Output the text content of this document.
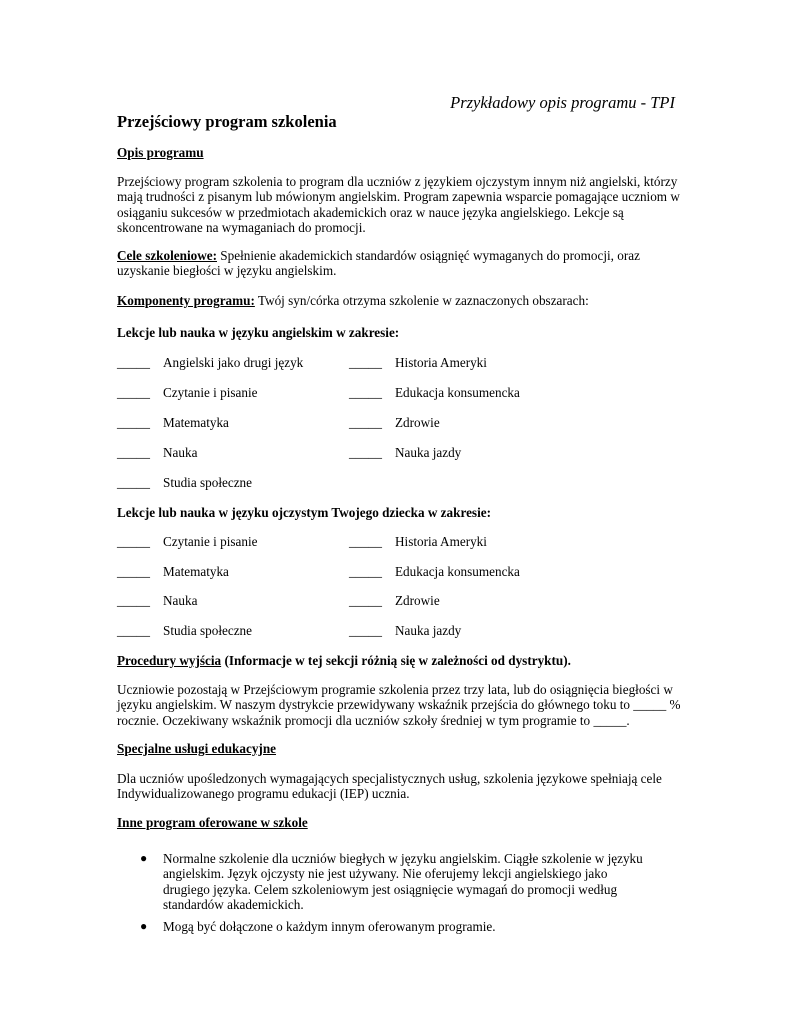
Przykładowy opis programu - TPI
Przejściowy program szkolenia
Opis programu

Przejściowy program szkolenia to program dla uczniów z językiem ojczystym innym niż angielski, którzy mają trudności z pisanym lub mówionym angielskim. Program zapewnia wsparcie pomagające uczniom w osiąganiu sukcesów w przedmiotach akademickich oraz w nauce języka angielskiego. Lekcje są skoncentrowane na wymaganiach do promocji.

Cele szkoleniowe: Spełnienie akademickich standardów osiągnięć wymaganych do promocji, oraz uzyskanie biegłości w języku angielskim.

Komponenty programu: Twój syn/córka otrzyma szkolenie w zaznaczonych obszarach:

Lekcje lub nauka w języku angielskim w zakresie:
_____ Angielski jako drugi język	_____ Historia Ameryki
_____ Czytanie i pisanie	_____ Edukacja konsumencka
_____ Matematyka	_____ Zdrowie
_____ Nauka	_____ Nauka jazdy
_____ Studia społeczne
Lekcje lub nauka w języku ojczystym Twojego dziecka w zakresie:
_____ Czytanie i pisanie	_____ Historia Ameryki
_____ Matematyka	_____ Edukacja konsumencka
_____ Nauka	_____ Zdrowie
_____ Studia społeczne	_____ Nauka jazdy
Procedury wyjścia (Informacje w tej sekcji różnią się w zależności od dystryktu).

Uczniowie pozostają w Przejściowym programie szkolenia przez trzy lata, lub do osiągnięcia biegłości w języku angielskim. W naszym dystrykcie przewidywany wskaźnik przejścia do głównego toku to _____ % rocznie. Oczekiwany wskaźnik promocji dla uczniów szkoły średniej w tym programie to _____.

Specjalne usługi edukacyjne

Dla uczniów upośledzonych wymagających specjalistycznych usług, szkolenia językowe spełniają cele Indywidualizowanego programu edukacji (IEP) ucznia.

Inne program oferowane w szkole
● Normalne szkolenie dla uczniów biegłych w języku angielskim. Ciągłe szkolenie w języku angielskim. Język ojczysty nie jest używany. Nie oferujemy lekcji angielskiego jako drugiego języka. Celem szkoleniowym jest osiągnięcie wymagań do promocji według standardów akademickich.
● Mogą być dołączone o każdym innym oferowanym programie.
